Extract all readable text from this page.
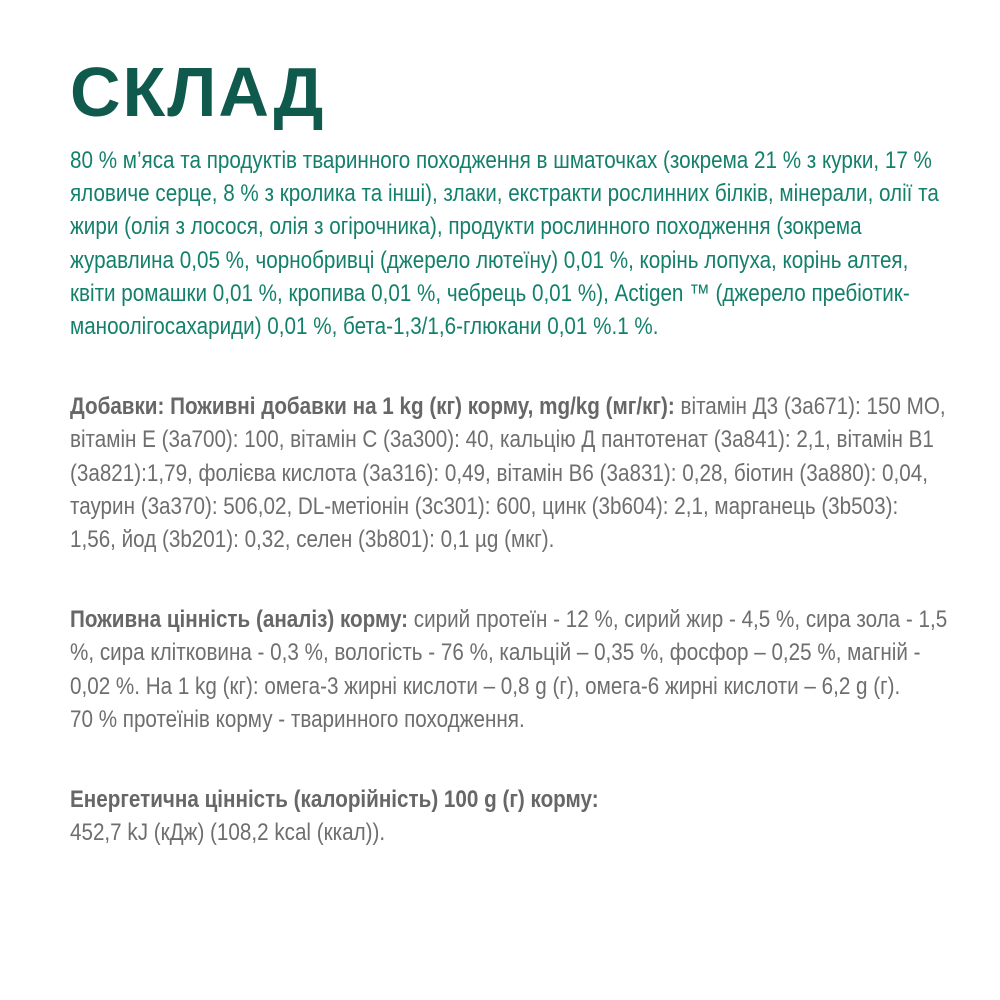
СКЛАД

80 % м’яса та продуктів тваринного походження в шматочках (зокрема 21 % з курки, 17 % яловиче серце, 8 % з кролика та інші), злаки, екстракти рослинних білків, мінерали, олії та жири (олія з лосося, олія з огірочника), продукти рослинного походження (зокрема журавлина 0,05 %, чорнобривці (джерело лютеїну) 0,01 %, корінь лопуха, корінь алтея, квіти ромашки 0,01 %, кропива 0,01 %, чебрець 0,01 %), Actigen ™ (джерело пребіотик-маноолігосахариди) 0,01 %, бета-1,3/1,6-глюкани 0,01 %.1 %.

Добавки: Поживні добавки на 1 kg (кг) корму, mg/kg (мг/кг): вітамін Д3 (3a671): 150 МО, вітамін Е (3a700): 100, вітамін С (3a300): 40, кальцію Д пантотенат (3a841): 2,1, вітамін В1 (3a821):1,79, фолієва кислота (3a316): 0,49, вітамін В6 (3a831): 0,28, біотин (3a880): 0,04, таурин (3a370): 506,02, DL-метіонін (3c301): 600, цинк (3b604): 2,1, марганець (3b503): 1,56, йод (3b201): 0,32, селен (3b801): 0,1 µg (мкг).

Поживна цінність (аналіз) корму: сирий протеїн - 12 %, сирий жир - 4,5 %, сира зола - 1,5 %, сира клітковина - 0,3 %, вологість - 76 %, кальцій – 0,35 %, фосфор – 0,25 %, магній - 0,02 %. На 1 kg (кг): омега-3 жирні кислоти – 0,8 g (г), омега-6 жирні кислоти – 6,2 g (г).
70 % протеїнів корму - тваринного походження.

Енергетична цінність (калорійність) 100 g (г) корму:
452,7 kJ (кДж) (108,2 kcal (ккал)).
